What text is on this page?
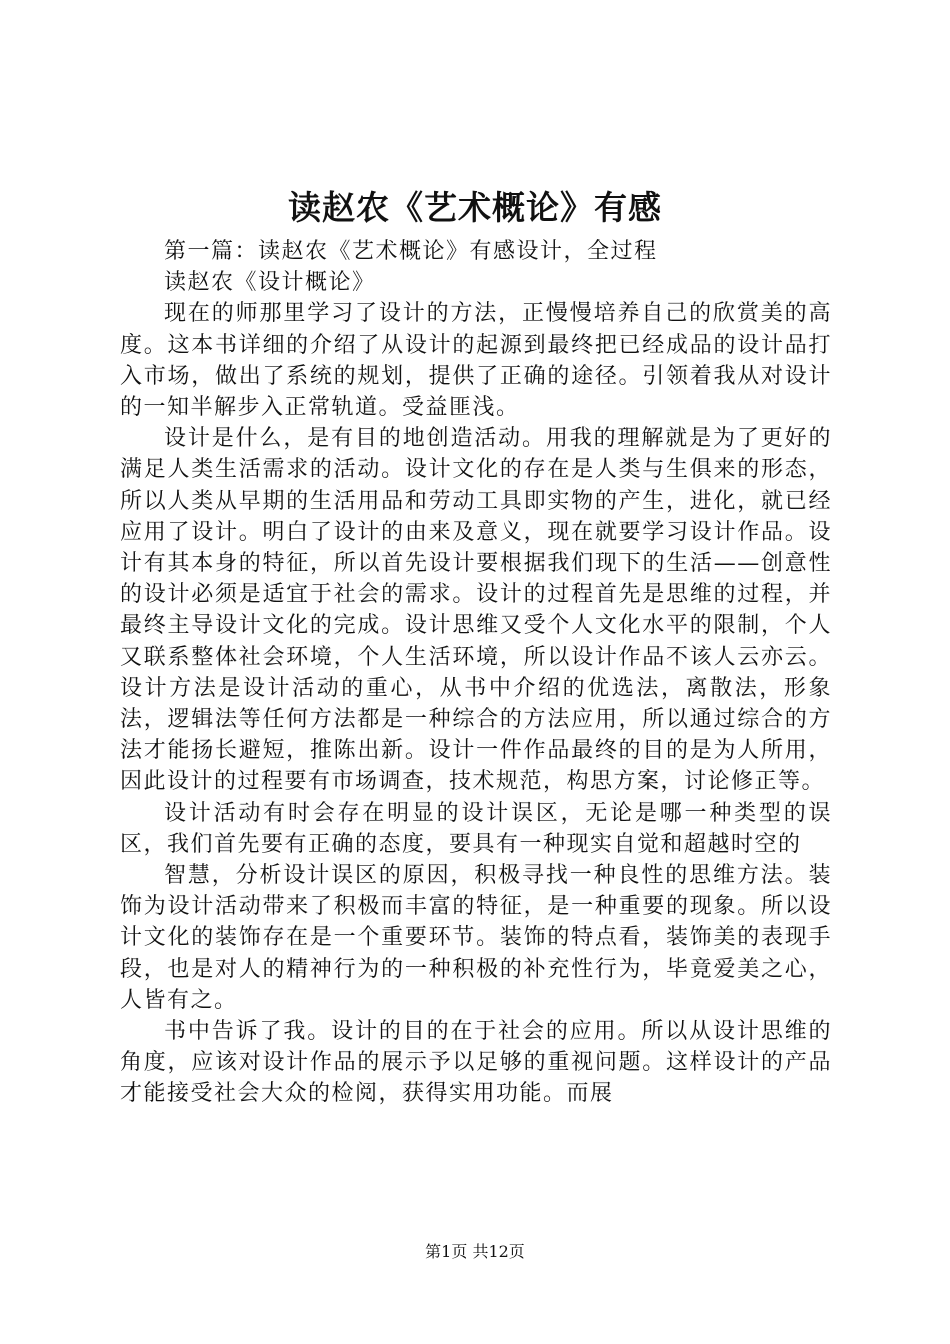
读赵农《艺术概论》有感

第一篇：读赵农《艺术概论》有感设计，全过程

读赵农《设计概论》

现在的师那里学习了设计的方法，正慢慢培养自己的欣赏美的高度。这本书详细的介绍了从设计的起源到最终把已经成品的设计品打入市场，做出了系统的规划，提供了正确的途径。引领着我从对设计的一知半解步入正常轨道。受益匪浅。

设计是什么，是有目的地创造活动。用我的理解就是为了更好的满足人类生活需求的活动。设计文化的存在是人类与生俱来的形态，所以人类从早期的生活用品和劳动工具即实物的产生，进化，就已经应用了设计。明白了设计的由来及意义，现在就要学习设计作品。设计有其本身的特征，所以首先设计要根据我们现下的生活——创意性的设计必须是适宜于社会的需求。设计的过程首先是思维的过程，并最终主导设计文化的完成。设计思维又受个人文化水平的限制，个人又联系整体社会环境，个人生活环境，所以设计作品不该人云亦云。设计方法是设计活动的重心，从书中介绍的优选法，离散法，形象法，逻辑法等任何方法都是一种综合的方法应用，所以通过综合的方法才能扬长避短，推陈出新。设计一件作品最终的目的是为人所用，因此设计的过程要有市场调查，技术规范，构思方案，讨论修正等。

设计活动有时会存在明显的设计误区，无论是哪一种类型的误区，我们首先要有正确的态度，要具有一种现实自觉和超越时空的

智慧，分析设计误区的原因，积极寻找一种良性的思维方法。装饰为设计活动带来了积极而丰富的特征，是一种重要的现象。所以设计文化的装饰存在是一个重要环节。装饰的特点看，装饰美的表现手段，也是对人的精神行为的一种积极的补充性行为，毕竟爱美之心，人皆有之。

书中告诉了我。设计的目的在于社会的应用。所以从设计思维的角度，应该对设计作品的展示予以足够的重视问题。这样设计的产品才能接受社会大众的检阅，获得实用功能。而展

第1页 共12页
